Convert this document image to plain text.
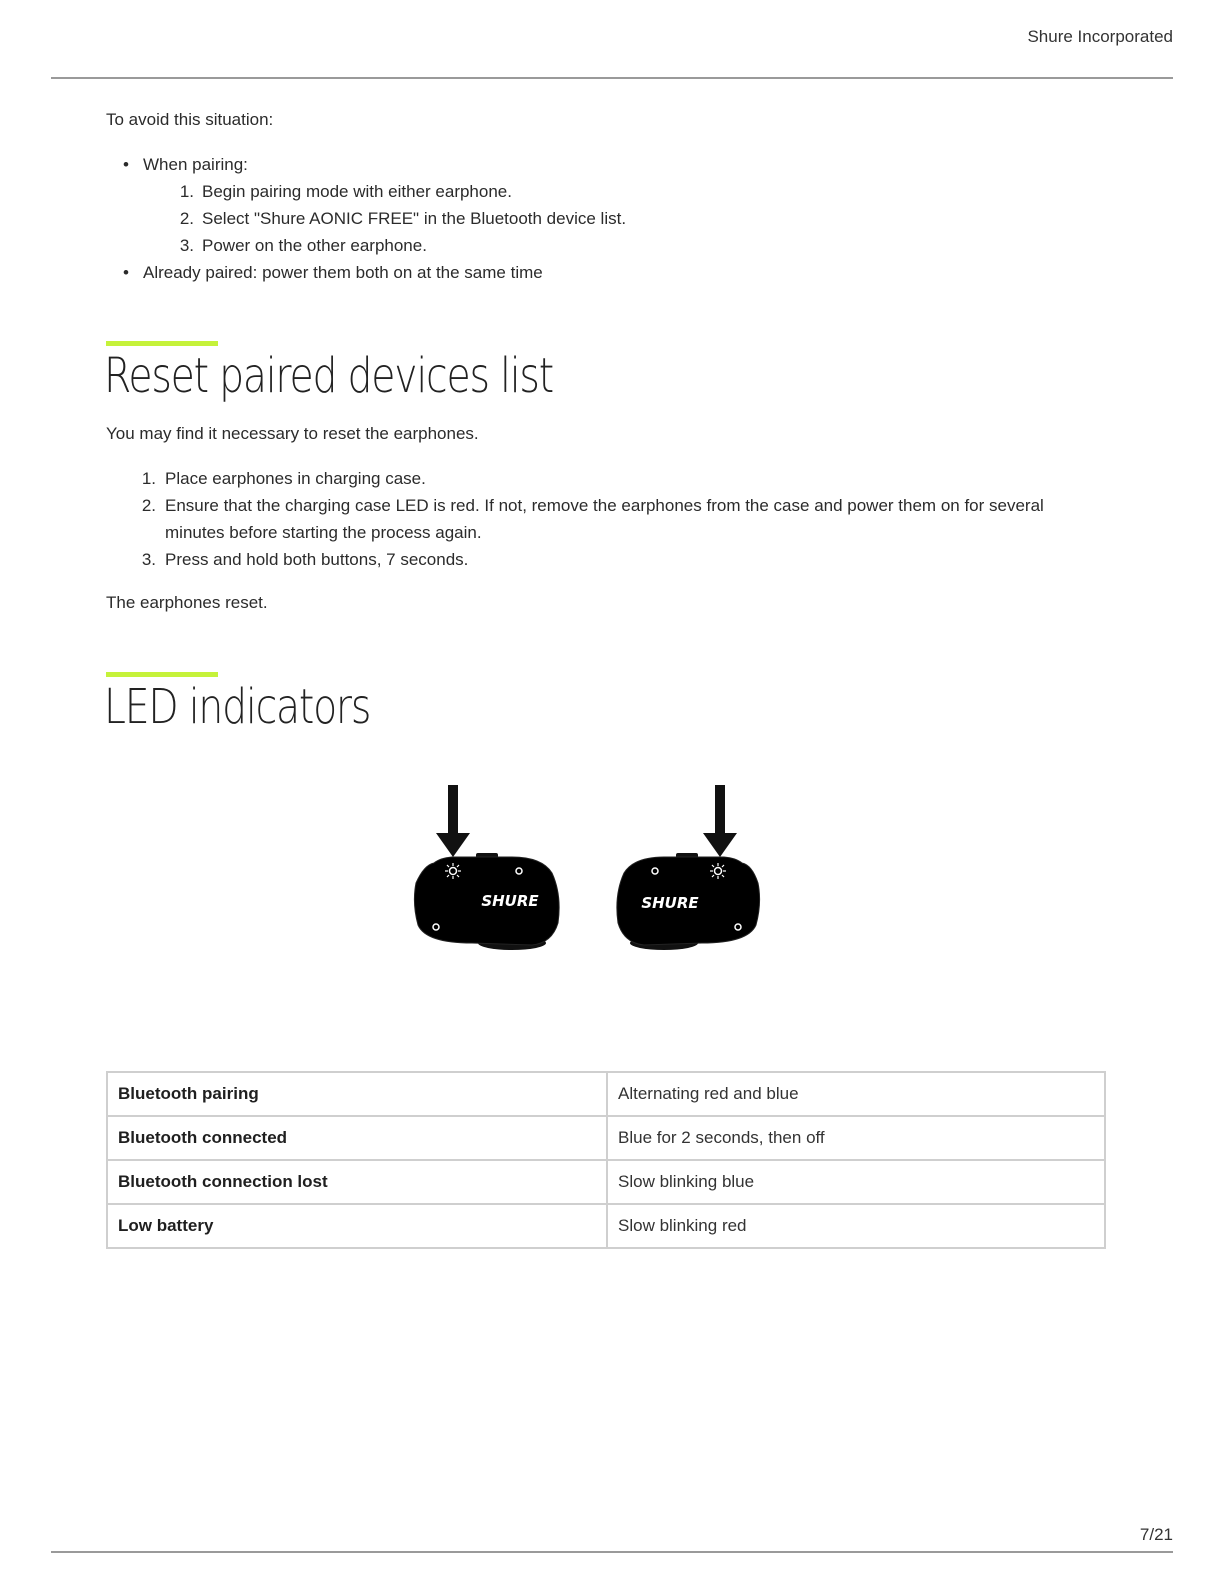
Shure Incorporated
To avoid this situation:
• When pairing:
1. Begin pairing mode with either earphone.
2. Select "Shure AONIC FREE" in the Bluetooth device list.
3. Power on the other earphone.
• Already paired: power them both on at the same time
Reset paired devices list
You may find it necessary to reset the earphones.
1. Place earphones in charging case.
2. Ensure that the charging case LED is red. If not, remove the earphones from the case and power them on for several
minutes before starting the process again.
3. Press and hold both buttons, 7 seconds.
The earphones reset.
LED indicators
SHURE	SHURE
Bluetooth pairing	Alternating red and blue
Bluetooth connected	Blue for 2 seconds, then off
Bluetooth connection lost	Slow blinking blue
Low battery	Slow blinking red
7/21
